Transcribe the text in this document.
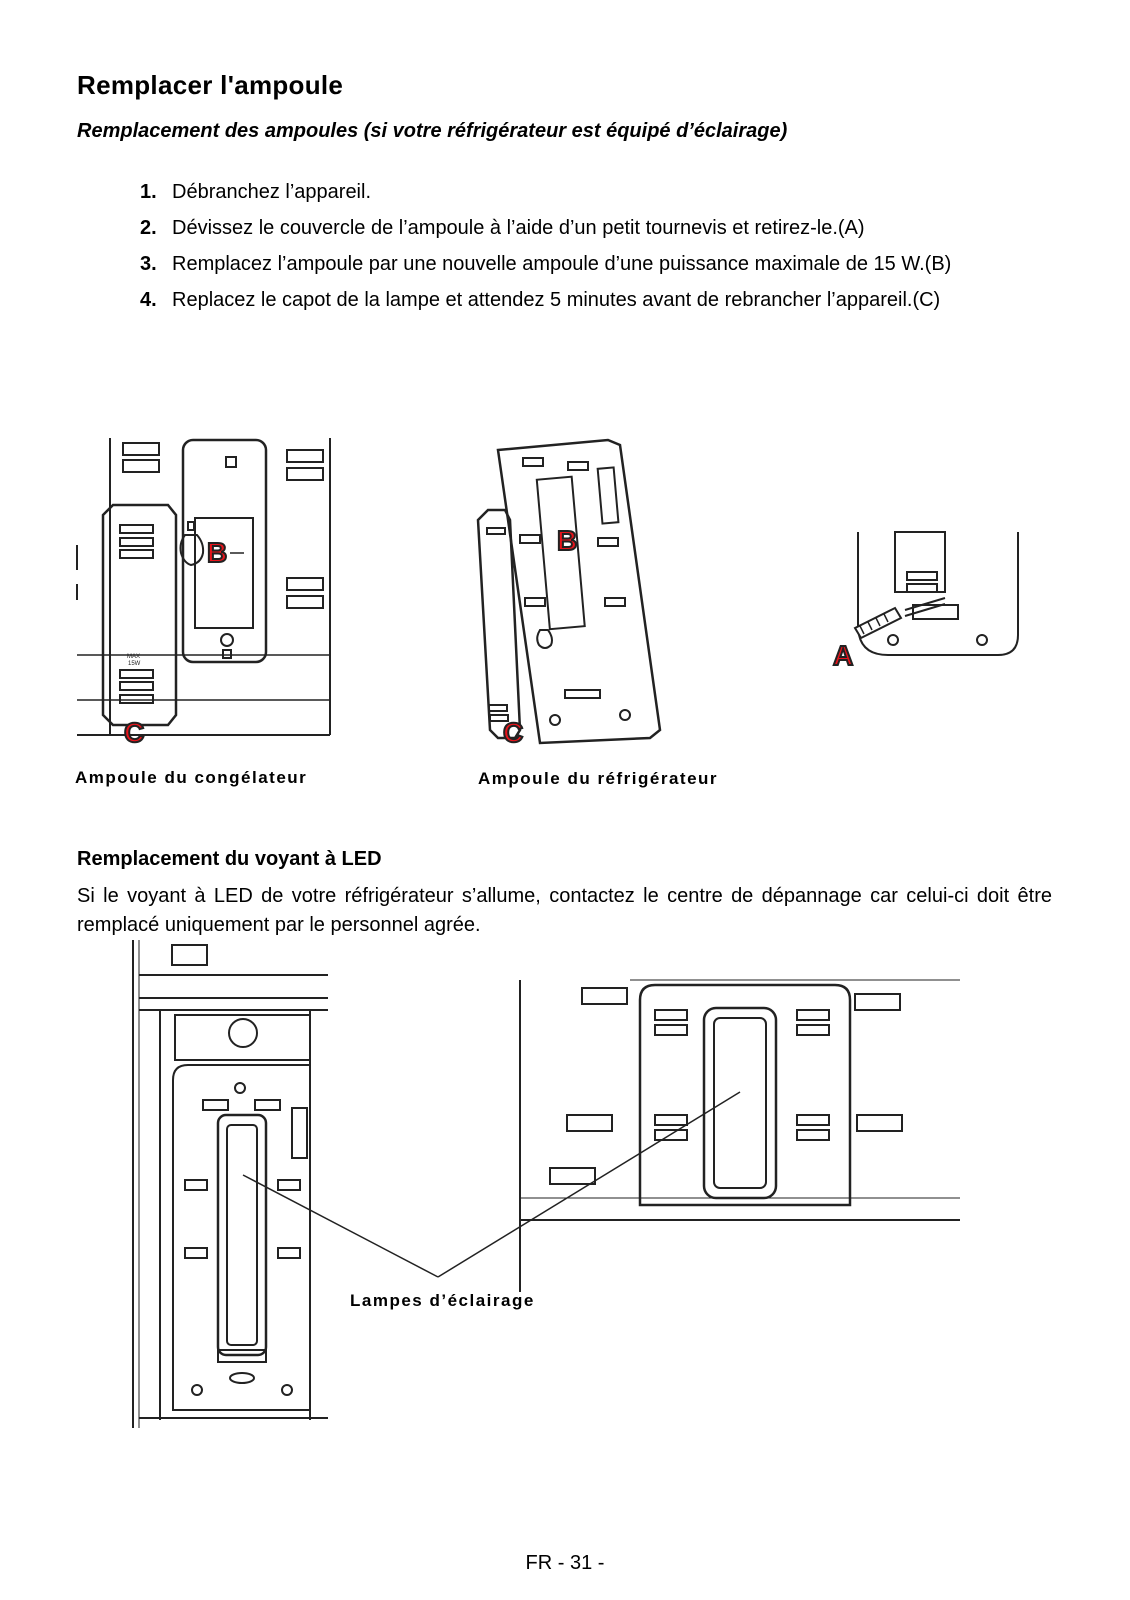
Remplacer l'ampoule

Remplacement des ampoules (si votre réfrigérateur est équipé d’éclairage)

1. Débranchez l’appareil.
2. Dévissez le couvercle de l’ampoule à l’aide d’un petit tournevis et retirez-le.(A)
3. Remplacez l’ampoule par une nouvelle ampoule d’une puissance maximale de 15 W.(B)
4. Replacez le capot de la lampe et attendez 5 minutes avant de rebrancher l’appareil.(C)
MAX
15W
B
C
B
C
A
Ampoule du congélateur	Ampoule du réfrigérateur
Remplacement du voyant à LED

Si le voyant à LED de votre réfrigérateur s’allume, contactez le centre de dépannage car celui-ci doit être remplacé uniquement par le personnel agrée.

Lampes d’éclairage
FR - 31 -
